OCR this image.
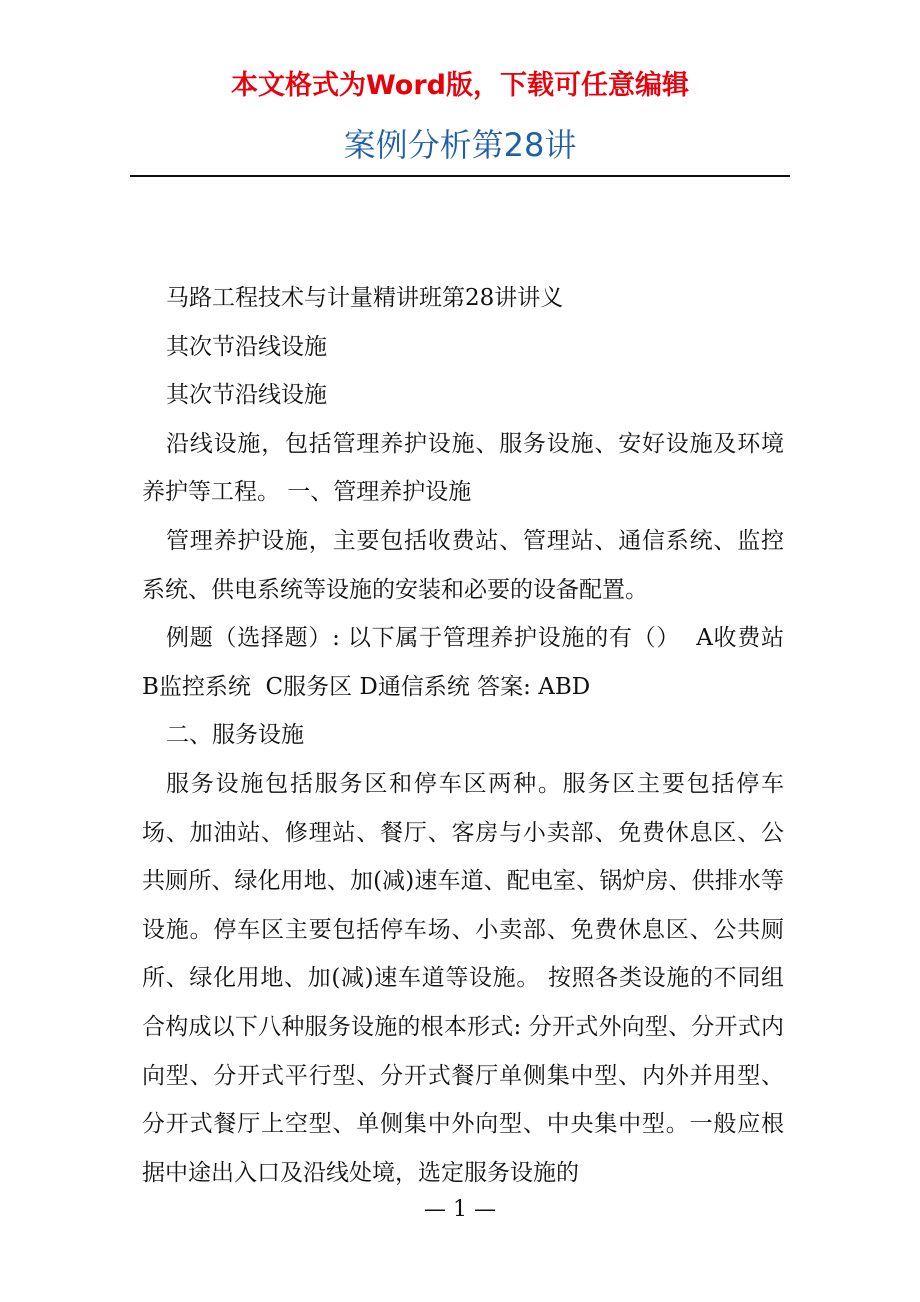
本文格式为Word版，下载可任意编辑
案例分析第28讲

马路工程技术与计量精讲班第28讲讲义

其次节沿线设施

其次节沿线设施

沿线设施，包括管理养护设施、服务设施、安好设施及环境养护等工程。 一、管理养护设施

管理养护设施，主要包括收费站、管理站、通信系统、监控系统、供电系统等设施的安装和必要的设备配置。

例题（选择题）: 以下属于管理养护设施的有（）  A收费站 B监控系统  C服务区 D通信系统 答案: ABD

二、服务设施

服务设施包括服务区和停车区两种。服务区主要包括停车场、加油站、修理站、餐厅、客房与小卖部、免费休息区、公共厕所、绿化用地、加(减)速车道、配电室、锅炉房、供排水等设施。停车区主要包括停车场、小卖部、免费休息区、公共厕所、绿化用地、加(减)速车道等设施。 按照各类设施的不同组合构成以下八种服务设施的根本形式: 分开式外向型、分开式内向型、分开式平行型、分开式餐厅单侧集中型、内外并用型、分开式餐厅上空型、单侧集中外向型、中央集中型。一般应根据中途出入口及沿线处境，选定服务设施的

— 1 —
